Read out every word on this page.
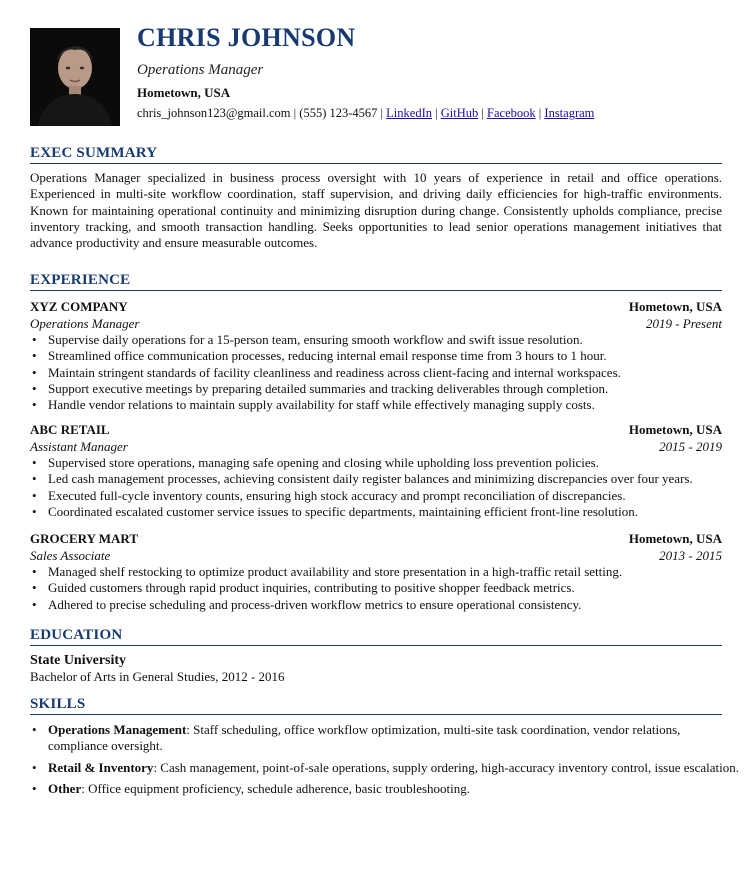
CHRIS JOHNSON
Operations Manager
Hometown, USA
chris_johnson123@gmail.com | (555) 123-4567 | LinkedIn | GitHub | Facebook | Instagram
EXEC SUMMARY
Operations Manager specialized in business process oversight with 10 years of experience in retail and office operations. Experienced in multi-site workflow coordination, staff supervision, and driving daily efficiencies for high-traffic environments. Known for maintaining operational continuity and minimizing disruption during change. Consistently upholds compliance, precise inventory tracking, and smooth transaction handling. Seeks opportunities to lead senior operations management initiatives that advance productivity and ensure measurable outcomes.
EXPERIENCE
XYZ COMPANY	Hometown, USA
Operations Manager	2019 - Present
• Supervise daily operations for a 15-person team, ensuring smooth workflow and swift issue resolution.
• Streamlined office communication processes, reducing internal email response time from 3 hours to 1 hour.
• Maintain stringent standards of facility cleanliness and readiness across client-facing and internal workspaces.
• Support executive meetings by preparing detailed summaries and tracking deliverables through completion.
• Handle vendor relations to maintain supply availability for staff while effectively managing supply costs.
ABC RETAIL	Hometown, USA
Assistant Manager	2015 - 2019
• Supervised store operations, managing safe opening and closing while upholding loss prevention policies.
• Led cash management processes, achieving consistent daily register balances and minimizing discrepancies over four years.
• Executed full-cycle inventory counts, ensuring high stock accuracy and prompt reconciliation of discrepancies.
• Coordinated escalated customer service issues to specific departments, maintaining efficient front-line resolution.
GROCERY MART	Hometown, USA
Sales Associate	2013 - 2015
• Managed shelf restocking to optimize product availability and store presentation in a high-traffic retail setting.
• Guided customers through rapid product inquiries, contributing to positive shopper feedback metrics.
• Adhered to precise scheduling and process-driven workflow metrics to ensure operational consistency.
EDUCATION
State University
Bachelor of Arts in General Studies, 2012 - 2016
SKILLS
• Operations Management: Staff scheduling, office workflow optimization, multi-site task coordination, vendor relations, compliance oversight.
• Retail & Inventory: Cash management, point-of-sale operations, supply ordering, high-accuracy inventory control, issue escalation.
• Other: Office equipment proficiency, schedule adherence, basic troubleshooting.
